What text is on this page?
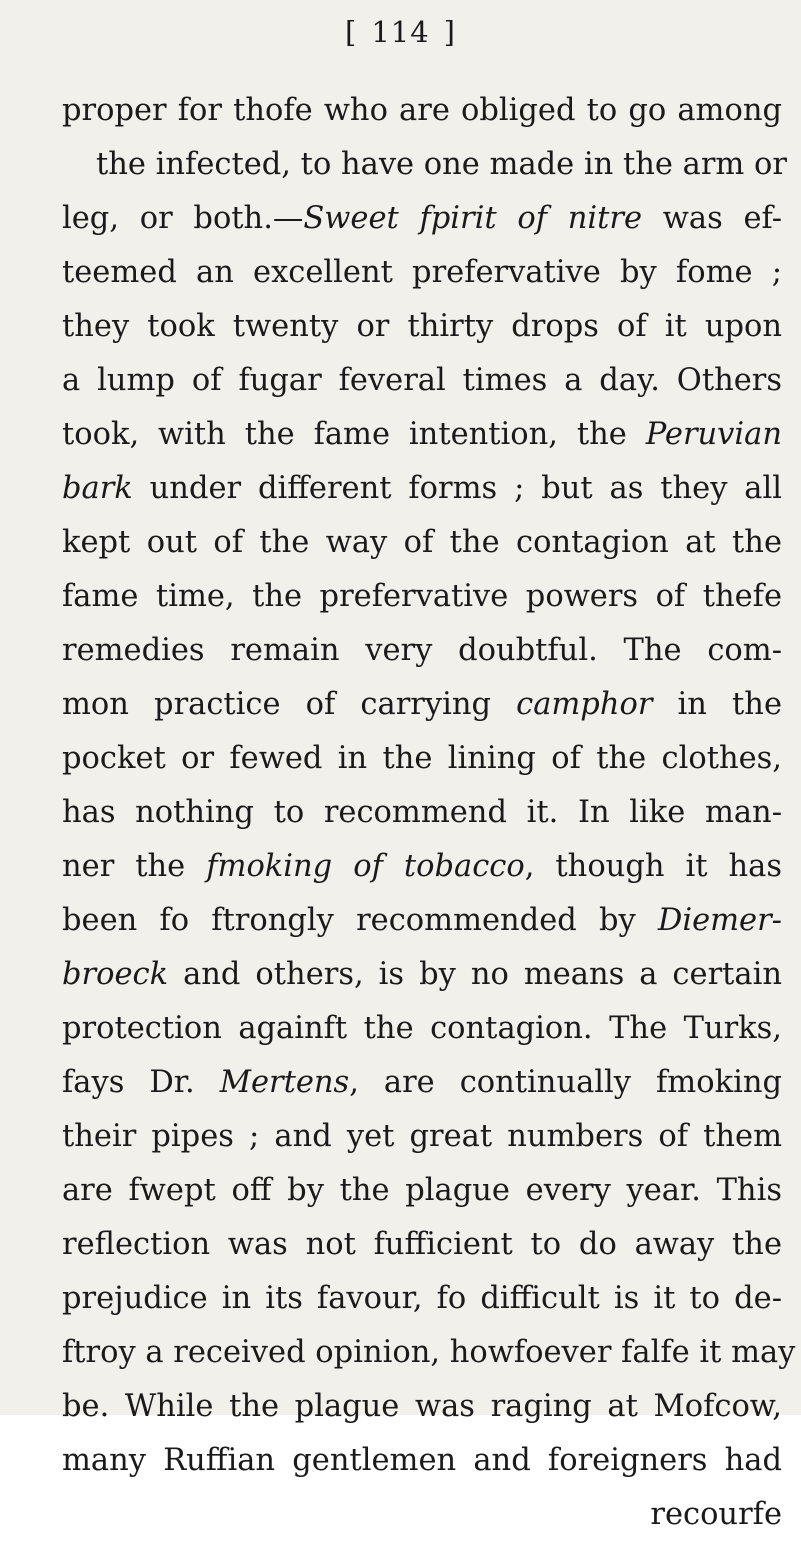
[ 114 ]
proper for thofe who are obliged to go among
the infected, to have one made in the arm or
leg, or both.—Sweet fpirit of nitre was ef-
teemed an excellent prefervative by fome ;
they took twenty or thirty drops of it upon
a lump of fugar feveral times a day. Others
took, with the fame intention, the Peruvian
bark under different forms ; but as they all
kept out of the way of the contagion at the
fame time, the prefervative powers of thefe
remedies remain very doubtful. The com-
mon practice of carrying camphor in the
pocket or fewed in the lining of the clothes,
has nothing to recommend it. In like man-
ner the fmoking of tobacco, though it has
been fo ftrongly recommended by Diemer-
broeck and others, is by no means a certain
protection againft the contagion. The Turks,
fays Dr. Mertens, are continually fmoking
their pipes ; and yet great numbers of them
are fwept off by the plague every year. This
reflection was not fufficient to do away the
prejudice in its favour, fo difficult is it to de-
ftroy a received opinion, howfoever falfe it may
be. While the plague was raging at Mofcow,
many Ruffian gentlemen and foreigners had
recourfe
